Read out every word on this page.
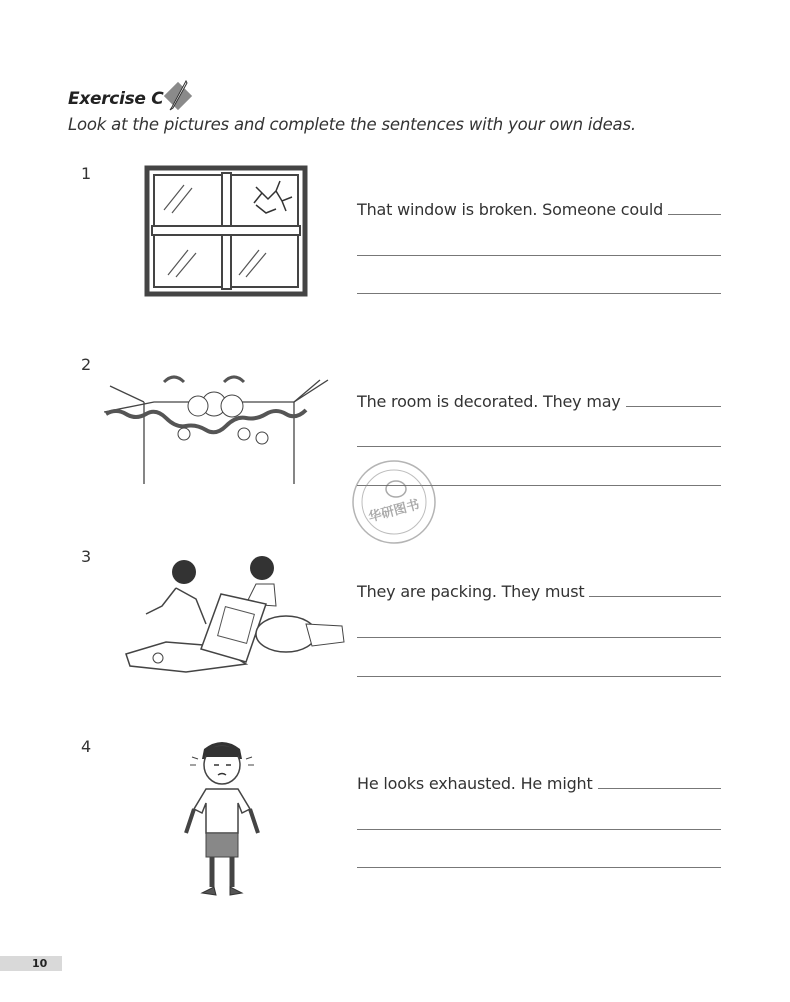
Exercise C
Look at the pictures and complete the sentences with your own ideas.
1
That window is broken. Someone could
2
The room is decorated. They may
华研图书
3
They are packing. They must
4
He looks exhausted. He might
10
